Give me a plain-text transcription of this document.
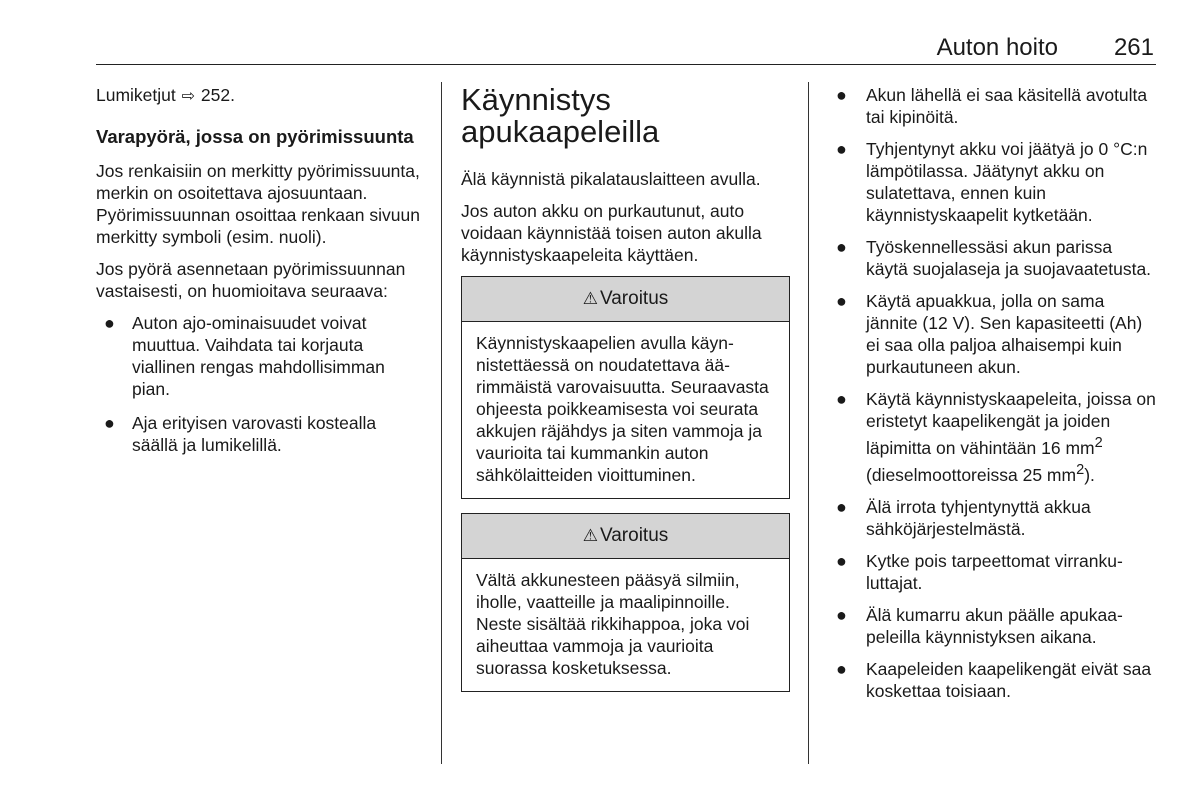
Auton hoito 261

Lumiketjut ⇨ 252.

Varapyörä, jossa on pyörimissuunta

Jos renkaisiin on merkitty pyörimissuunta, merkin on osoitettava ajosuuntaan. Pyörimissuunnan osoittaa renkaan sivuun merkitty symboli (esim. nuoli).

Jos pyörä asennetaan pyörimissuunnan vastaisesti, on huomioitava seuraava:

● Auton ajo-ominaisuudet voivat muuttua. Vaihdata tai korjauta viallinen rengas mahdollisimman pian.
● Aja erityisen varovasti kostealla säällä ja lumikelillä.
Käynnistys apukaapeleilla

Älä käynnistä pikalatauslaitteen avulla.

Jos auton akku on purkautunut, auto voidaan käynnistää toisen auton akulla käynnistyskaapeleita käyttäen.

⚠ Varoitus
Käynnistyskaapelien avulla käynnistettäessä on noudatettava äärimmäistä varovaisuutta. Seuraavasta ohjeesta poikkeamisesta voi seurata akkujen räjähdys ja siten vammoja ja vaurioita tai kummankin auton sähkölaitteiden vioittuminen.
⚠ Varoitus
Vältä akkunesteen pääsyä silmiin, iholle, vaatteille ja maalipinnoille. Neste sisältää rikkihappoa, joka voi aiheuttaa vammoja ja vaurioita suorassa kosketuksessa.
● Akun lähellä ei saa käsitellä avotulta tai kipinöitä.
● Tyhjentynyt akku voi jäätyä jo 0 °C:n lämpötilassa. Jäätynyt akku on sulatettava, ennen kuin käynnistyskaapelit kytketään.
● Työskennellessäsi akun parissa käytä suojalaseja ja suojavaatetusta.
● Käytä apuakkua, jolla on sama jännite (12 V). Sen kapasiteetti (Ah) ei saa olla paljoa alhaisempi kuin purkautuneen akun.
● Käytä käynnistyskaapeleita, joissa on eristetyt kaapelikengät ja joiden läpimitta on vähintään 16 $mm^2$ (dieselmoottoreissa 25 $mm^2$).
● Älä irrota tyhjentynyttä akkua sähköjärjestelmästä.
● Kytke pois tarpeettomat virrankuluttajat.
● Älä kumarru akun päälle apukaapeleilla käynnistyksen aikana.
● Kaapeleiden kaapelikengät eivät saa koskettaa toisiaan.
